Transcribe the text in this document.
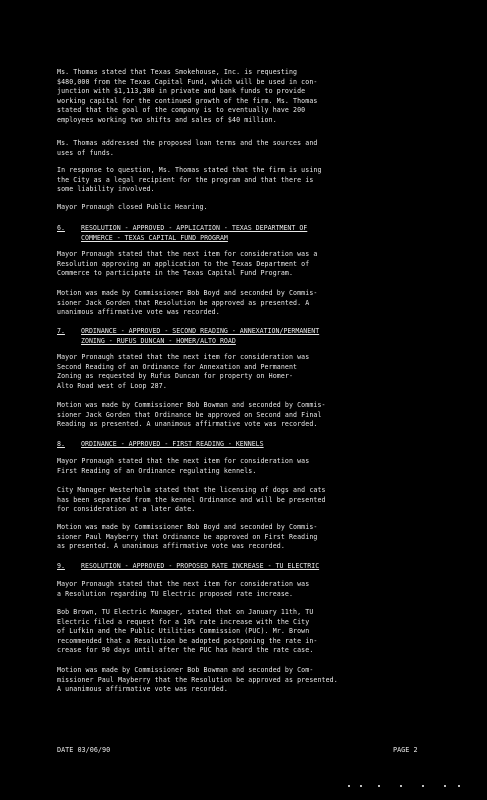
Ms. Thomas stated that Texas Smokehouse, Inc. is requesting
$480,000 from the Texas Capital Fund, which will be used in con-
junction with $1,113,300 in private and bank funds to provide
working capital for the continued growth of the firm. Ms. Thomas
stated that the goal of the company is to eventually have 200
employees working two shifts and sales of $40 million.

Ms. Thomas addressed the proposed loan terms and the sources and
uses of funds.

In response to question, Ms. Thomas stated that the firm is using
the City as a legal recipient for the program and that there is
some liability involved.

Mayor Pronaugh closed Public Hearing.

6. RESOLUTION - APPROVED - APPLICATION - TEXAS DEPARTMENT OF
COMMERCE - TEXAS CAPITAL FUND PROGRAM

Mayor Pronaugh stated that the next item for consideration was a
Resolution approving an application to the Texas Department of
Commerce to participate in the Texas Capital Fund Program.

Motion was made by Commissioner Bob Boyd and seconded by Commis-
sioner Jack Gorden that Resolution be approved as presented. A
unanimous affirmative vote was recorded.

7. ORDINANCE - APPROVED - SECOND READING - ANNEXATION/PERMANENT
ZONING - RUFUS DUNCAN - HOMER/ALTO ROAD

Mayor Pronaugh stated that the next item for consideration was
Second Reading of an Ordinance for Annexation and Permanent
Zoning as requested by Rufus Duncan for property on Homer-
Alto Road west of Loop 287.

Motion was made by Commissioner Bob Bowman and seconded by Commis-
sioner Jack Gorden that Ordinance be approved on Second and Final
Reading as presented. A unanimous affirmative vote was recorded.

8. ORDINANCE - APPROVED - FIRST READING - KENNELS

Mayor Pronaugh stated that the next item for consideration was
First Reading of an Ordinance regulating kennels.

City Manager Westerholm stated that the licensing of dogs and cats
has been separated from the kennel Ordinance and will be presented
for consideration at a later date.

Motion was made by Commissioner Bob Boyd and seconded by Commis-
sioner Paul Mayberry that Ordinance be approved on First Reading
as presented. A unanimous affirmative vote was recorded.

9. RESOLUTION - APPROVED - PROPOSED RATE INCREASE - TU ELECTRIC

Mayor Pronaugh stated that the next item for consideration was
a Resolution regarding TU Electric proposed rate increase.

Bob Brown, TU Electric Manager, stated that on January 11th, TU
Electric filed a request for a 10% rate increase with the City
of Lufkin and the Public Utilities Commission (PUC). Mr. Brown
recommended that a Resolution be adopted postponing the rate in-
crease for 90 days until after the PUC has heard the rate case.

Motion was made by Commissioner Bob Bowman and seconded by Com-
missioner Paul Mayberry that the Resolution be approved as presented.
A unanimous affirmative vote was recorded.

DATE 03/06/90	PAGE 2
